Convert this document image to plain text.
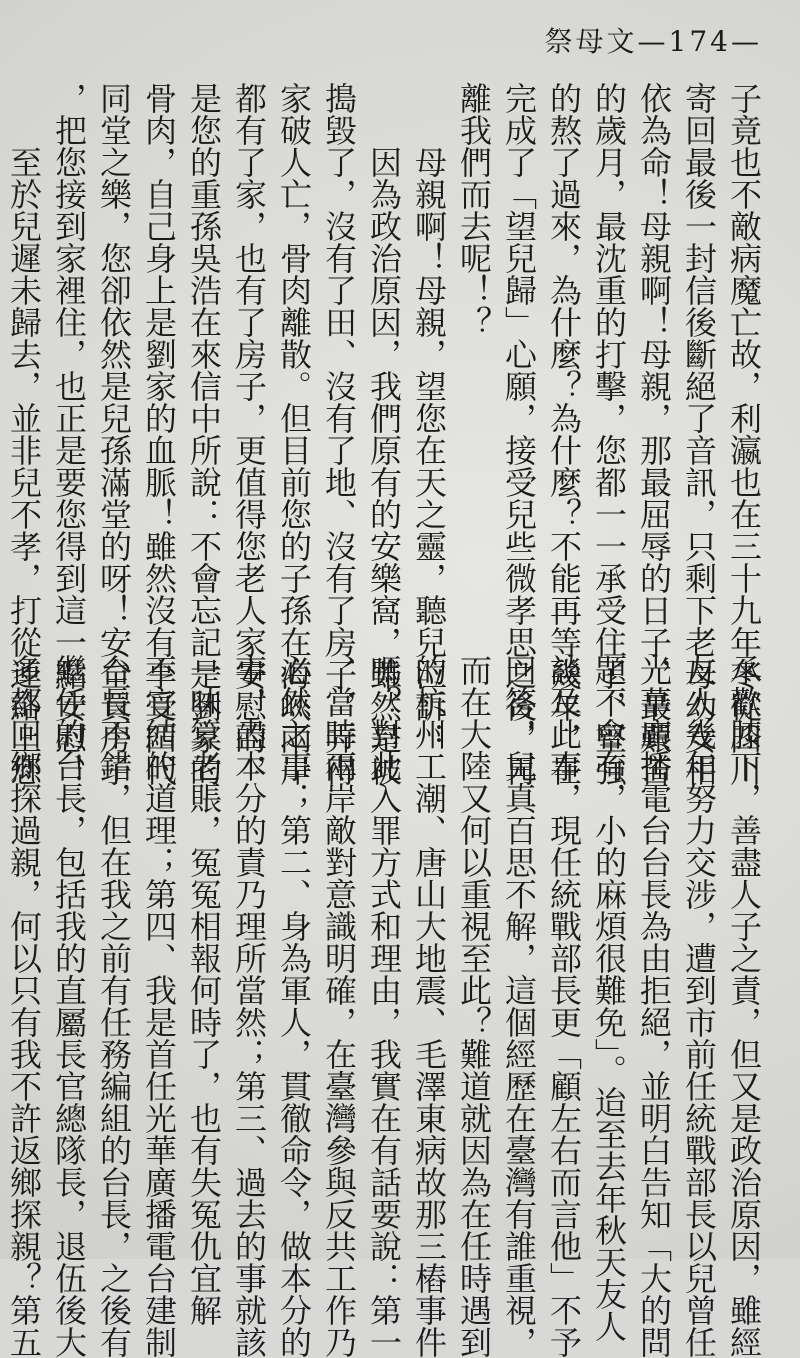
祭母文—174—
子竟也不敵病魔亡故，利瀛也在三十九年冬從四川
寄回最後一封信後斷絕了音訊，只剩下老母幼女相
依為命！母親啊！母親，那最屈辱的日子，最艱苦
的歲月，最沈重的打擊，您都一一承受住了，堅強
的熬了過來，為什麼？為什麼？不能再等幾年，在
完成了「望兒歸」心願，接受兒些微孝思之後，再
離我們而去呢！？
母親啊！母親，望您在天之靈，聽兒泣訴：
因為政治原因，我們原有的安樂窩，雖然是被
搗毀了，沒有了田、沒有了地、沒有了房子，弄得
家破人亡，骨肉離散。但目前您的子孫在海峽兩岸
都有了家，也有了房子，更值得您老人家安慰的，
是您的重孫吳浩在來信中所說：不會忘記是劉家的
骨肉，自己身上是劉家的血脈！雖然沒有享受四代
同堂之樂，您卻依然是兒孫滿堂的呀！安全買房子
，把您接到家裡住，也正是要您得到這一點安慰！
至於兒遲未歸去，並非兒不孝，打從連絡上您
承歡膝下，善盡人子之責，但又是政治原因，雖經
友人幾年努力交涉，遭到市前任統戰部長以兒曾任
光華廣播電台台長為由拒絕，並明白告知「大的問
題不會有，小的麻煩很難免」。迨至去年秋天友人
談及此事，現任統戰部長更「顧左右而言他」不予
回答，兒真百思不解，這個經歷在臺灣有誰重視，
而在大陸又何以重視至此？難道就因為在任時遇到
的杭州工潮、唐山大地震、毛澤東病故那三樁事件
嗎？對此入罪方式和理由，我實在有話要說：第一
、當時兩岸敵對意識明確，在臺灣參與反共工作乃
必然之事；第二、身為軍人，貫徹命令，做本分的
事，盡本分的責乃理所當然；第三、過去的事就該
一味算老賬，冤冤相報何時了，也有失冤仇宜解
不宜結的道理；第四、我是首任光華廣播電台建制
台長不錯，但在我之前有任務編組的台長，之後有
繼任的台長，包括我的直屬長官總隊長，退伍後大
多都回鄉探過親，何以只有我不許返鄉探親？第五
